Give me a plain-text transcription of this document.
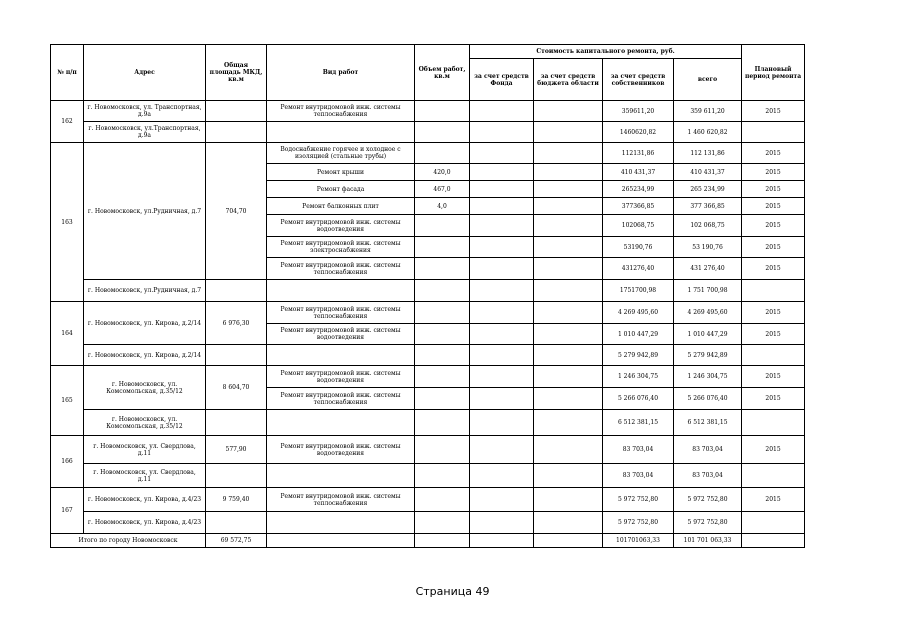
№ п/п	Адрес	Общая площадь МКД, кв.м	Вид работ	Объем работ, кв.м	Стоимость капитального ремонта, руб.				Плановый период ремонта
					за счет средств Фонда	за счет средств бюджета области	за счет средств собственников	всего	
162	г. Новомосковск, ул. Транспортная, д.9а		Ремонт внутридомовой инж. системы теплоснабжения				359611,20	359 611,20	2015
	г. Новомосковск, ул.Транспортная, д.9а						1460620,82	1 460 620,82	
163	г. Новомосковск, ул.Рудничная, д.7	704,70	Водоснабжение горячее и холодное с изоляцией (стальные трубы)				112131,86	112 131,86	2015
			Ремонт крыши	420,0			410 431,37	410 431,37	2015
			Ремонт фасада	467,0			265234,99	265 234,99	2015
			Ремонт балконных плит	4,0			377366,85	377 366,85	2015
			Ремонт внутридомовой инж. системы водоотведения				102068,75	102 068,75	2015
			Ремонт внутридомовой инж. системы электроснабжения				53190,76	53 190,76	2015
			Ремонт внутридомовой инж. системы теплоснабжения				431276,40	431 276,40	2015
	г. Новомосковск, ул.Рудничная, д.7						1751700,98	1 751 700,98	
164	г. Новомосковск, ул. Кирова, д.2/14	6 976,30	Ремонт внутридомовой инж. системы теплоснабжения				4 269 495,60	4 269 495,60	2015
			Ремонт внутридомовой инж. системы водоотведения				1 010 447,29	1 010 447,29	2015
	г. Новомосковск, ул. Кирова, д.2/14						5 279 942,89	5 279 942,89	
165	г. Новомосковск, ул. Комсомольская, д.35/12	8 604,70	Ремонт внутридомовой инж. системы водоотведения				1 246 304,75	1 246 304,75	2015
			Ремонт внутридомовой инж. системы теплоснабжения				5 266 076,40	5 266 076,40	2015
	г. Новомосковск, ул. Комсомольская, д.35/12						6 512 381,15	6 512 381,15	
166	г. Новомосковск, ул. Свердлова, д.11	577,90	Ремонт внутридомовой инж. системы водоотведения				83 703,04	83 703,04	2015
	г. Новомосковск, ул. Свердлова, д.11						83 703,04	83 703,04	
167	г. Новомосковск, ул. Кирова, д.4/23	9 759,40	Ремонт внутридомовой инж. системы теплоснабжения				5 972 752,80	5 972 752,80	2015
	г. Новомосковск, ул. Кирова, д.4/23						5 972 752,80	5 972 752,80	
Итого по городу Новомосковск		69 572,75					101701063,33	101 701 063,33	
Страница 49
